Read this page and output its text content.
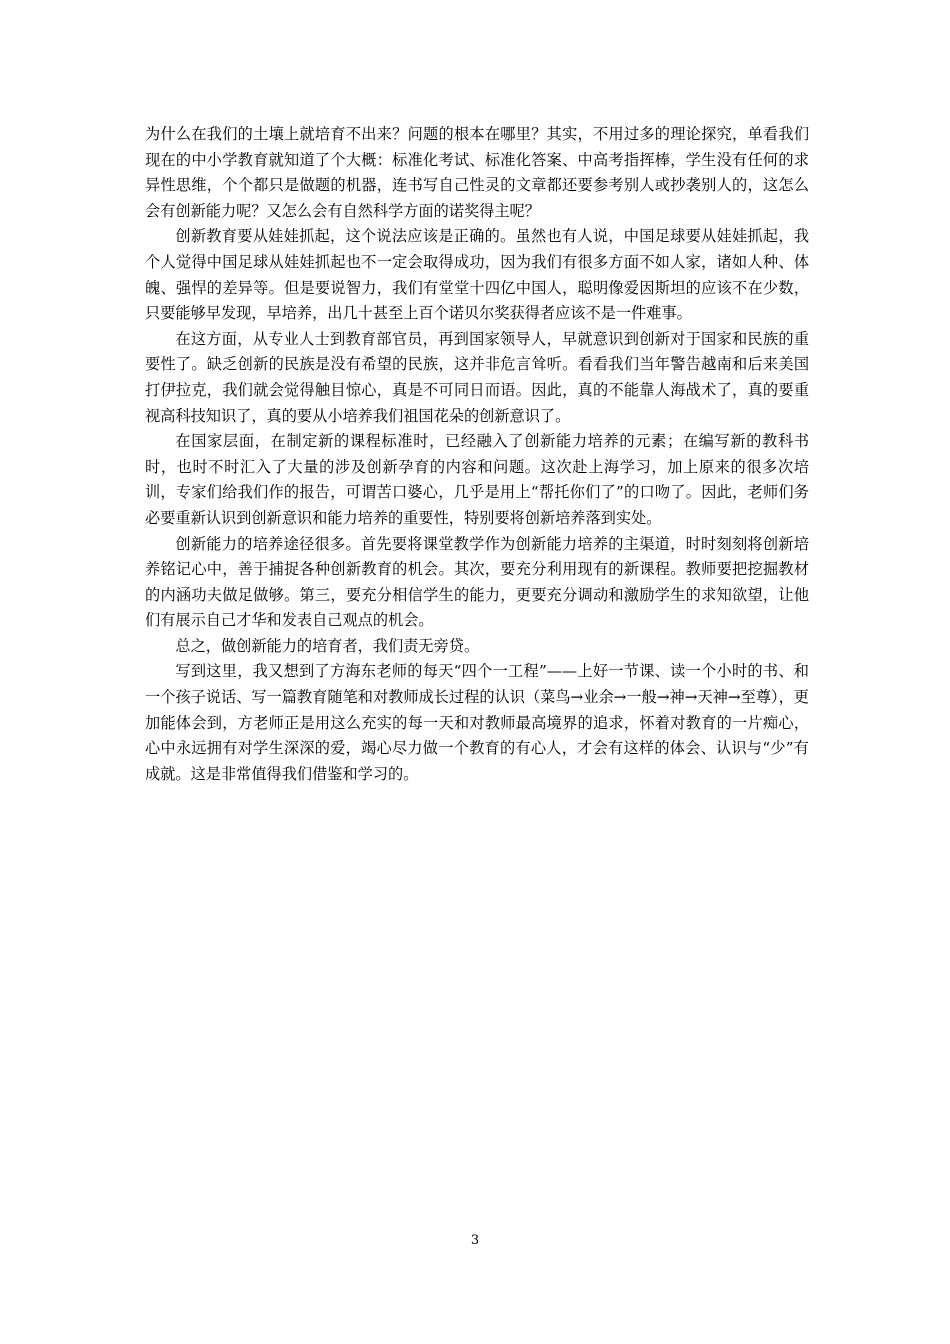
为什么在我们的土壤上就培育不出来？问题的根本在哪里？其实，不用过多的理论探究，单看我们现在的中小学教育就知道了个大概：标准化考试、标准化答案、中高考指挥棒，学生没有任何的求异性思维，个个都只是做题的机器，连书写自己性灵的文章都还要参考别人或抄袭别人的，这怎么会有创新能力呢？又怎么会有自然科学方面的诺奖得主呢？

创新教育要从娃娃抓起，这个说法应该是正确的。虽然也有人说，中国足球要从娃娃抓起，我个人觉得中国足球从娃娃抓起也不一定会取得成功，因为我们有很多方面不如人家，诸如人种、体魄、强悍的差异等。但是要说智力，我们有堂堂十四亿中国人，聪明像爱因斯坦的应该不在少数，只要能够早发现，早培养，出几十甚至上百个诺贝尔奖获得者应该不是一件难事。

在这方面，从专业人士到教育部官员，再到国家领导人，早就意识到创新对于国家和民族的重要性了。缺乏创新的民族是没有希望的民族，这并非危言耸听。看看我们当年警告越南和后来美国打伊拉克，我们就会觉得触目惊心，真是不可同日而语。因此，真的不能靠人海战术了，真的要重视高科技知识了，真的要从小培养我们祖国花朵的创新意识了。

在国家层面，在制定新的课程标准时，已经融入了创新能力培养的元素；在编写新的教科书时，也时不时汇入了大量的涉及创新孕育的内容和问题。这次赴上海学习，加上原来的很多次培训，专家们给我们作的报告，可谓苦口婆心，几乎是用上“帮托你们了”的口吻了。因此，老师们务必要重新认识到创新意识和能力培养的重要性，特别要将创新培养落到实处。

创新能力的培养途径很多。首先要将课堂教学作为创新能力培养的主渠道，时时刻刻将创新培养铭记心中，善于捕捉各种创新教育的机会。其次，要充分利用现有的新课程。教师要把挖掘教材的内涵功夫做足做够。第三，要充分相信学生的能力，更要充分调动和激励学生的求知欲望，让他们有展示自己才华和发表自己观点的机会。

总之，做创新能力的培育者，我们责无旁贷。

写到这里，我又想到了方海东老师的每天“四个一工程”——上好一节课、读一个小时的书、和一个孩子说话、写一篇教育随笔和对教师成长过程的认识（菜鸟→业余→一般→神→天神→至尊），更加能体会到，方老师正是用这么充实的每一天和对教师最高境界的追求，怀着对教育的一片痴心，心中永远拥有对学生深深的爱，竭心尽力做一个教育的有心人，才会有这样的体会、认识与“少”有成就。这是非常值得我们借鉴和学习的。

3
